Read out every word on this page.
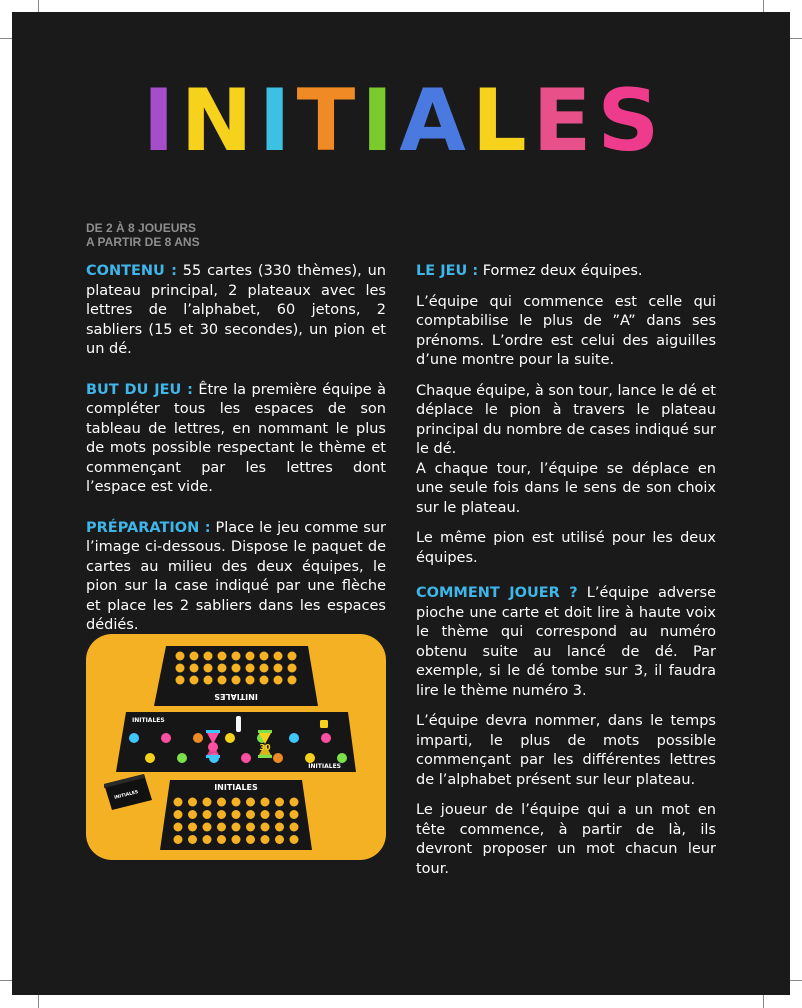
I N I T I A L E S
DE 2 À 8 JOUEURS
A PARTIR DE 8 ANS

CONTENU : 55 cartes (330 thèmes), un plateau principal, 2 plateaux avec les lettres de l’alphabet, 60 jetons, 2 sabliers (15 et 30 secondes), un pion et un dé.

BUT DU JEU : Être la première équipe à compléter tous les espaces de son tableau de lettres, en nommant le plus de mots possible respectant le thème et commençant par les lettres dont l’espace est vide.

PRÉPARATION : Place le jeu comme sur l’image ci-dessous. Dispose le paquet de cartes au milieu des deux équipes, le pion sur la case indiqué par une flèche et place les 2 sabliers dans les espaces dédiés.

INITIALES
INITIALES
INITIALES
30
INITIALES
INITIALES

LE JEU : Formez deux équipes.

L’équipe qui commence est celle qui comptabilise le plus de ”A” dans ses prénoms. L’ordre est celui des aiguilles d’une montre pour la suite.

Chaque équipe, à son tour, lance le dé et déplace le pion à travers le plateau principal du nombre de cases indiqué sur le dé.

A chaque tour, l’équipe se déplace en une seule fois dans le sens de son choix sur le plateau.

Le même pion est utilisé pour les deux équipes.

COMMENT JOUER ? L’équipe adverse pioche une carte et doit lire à haute voix le thème qui correspond au numéro obtenu suite au lancé de dé. Par exemple, si le dé tombe sur 3, il faudra lire le thème numéro 3.

L’équipe devra nommer, dans le temps imparti, le plus de mots possible commençant par les différentes lettres de l’alphabet présent sur leur plateau.

Le joueur de l’équipe qui a un mot en tête commence, à partir de là, ils devront proposer un mot chacun leur tour.
